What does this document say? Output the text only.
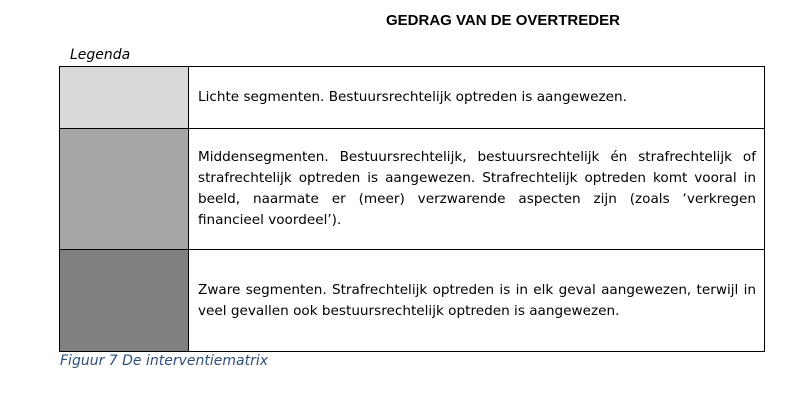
GEDRAG VAN DE OVERTREDER
Legenda
	Lichte segmenten. Bestuursrechtelijk optreden is aangewezen.
	Middensegmenten. Bestuursrechtelijk, bestuursrechtelijk én strafrechtelijk of strafrechtelijk optreden is aangewezen. Strafrechtelijk optreden komt vooral in beeld, naarmate er (meer) verzwarende aspecten zijn (zoals ‘verkregen financieel voordeel’).
	Zware segmenten. Strafrechtelijk optreden is in elk geval aangewezen, terwijl in veel gevallen ook bestuursrechtelijk optreden is aangewezen.
Figuur 7 De interventiematrix
